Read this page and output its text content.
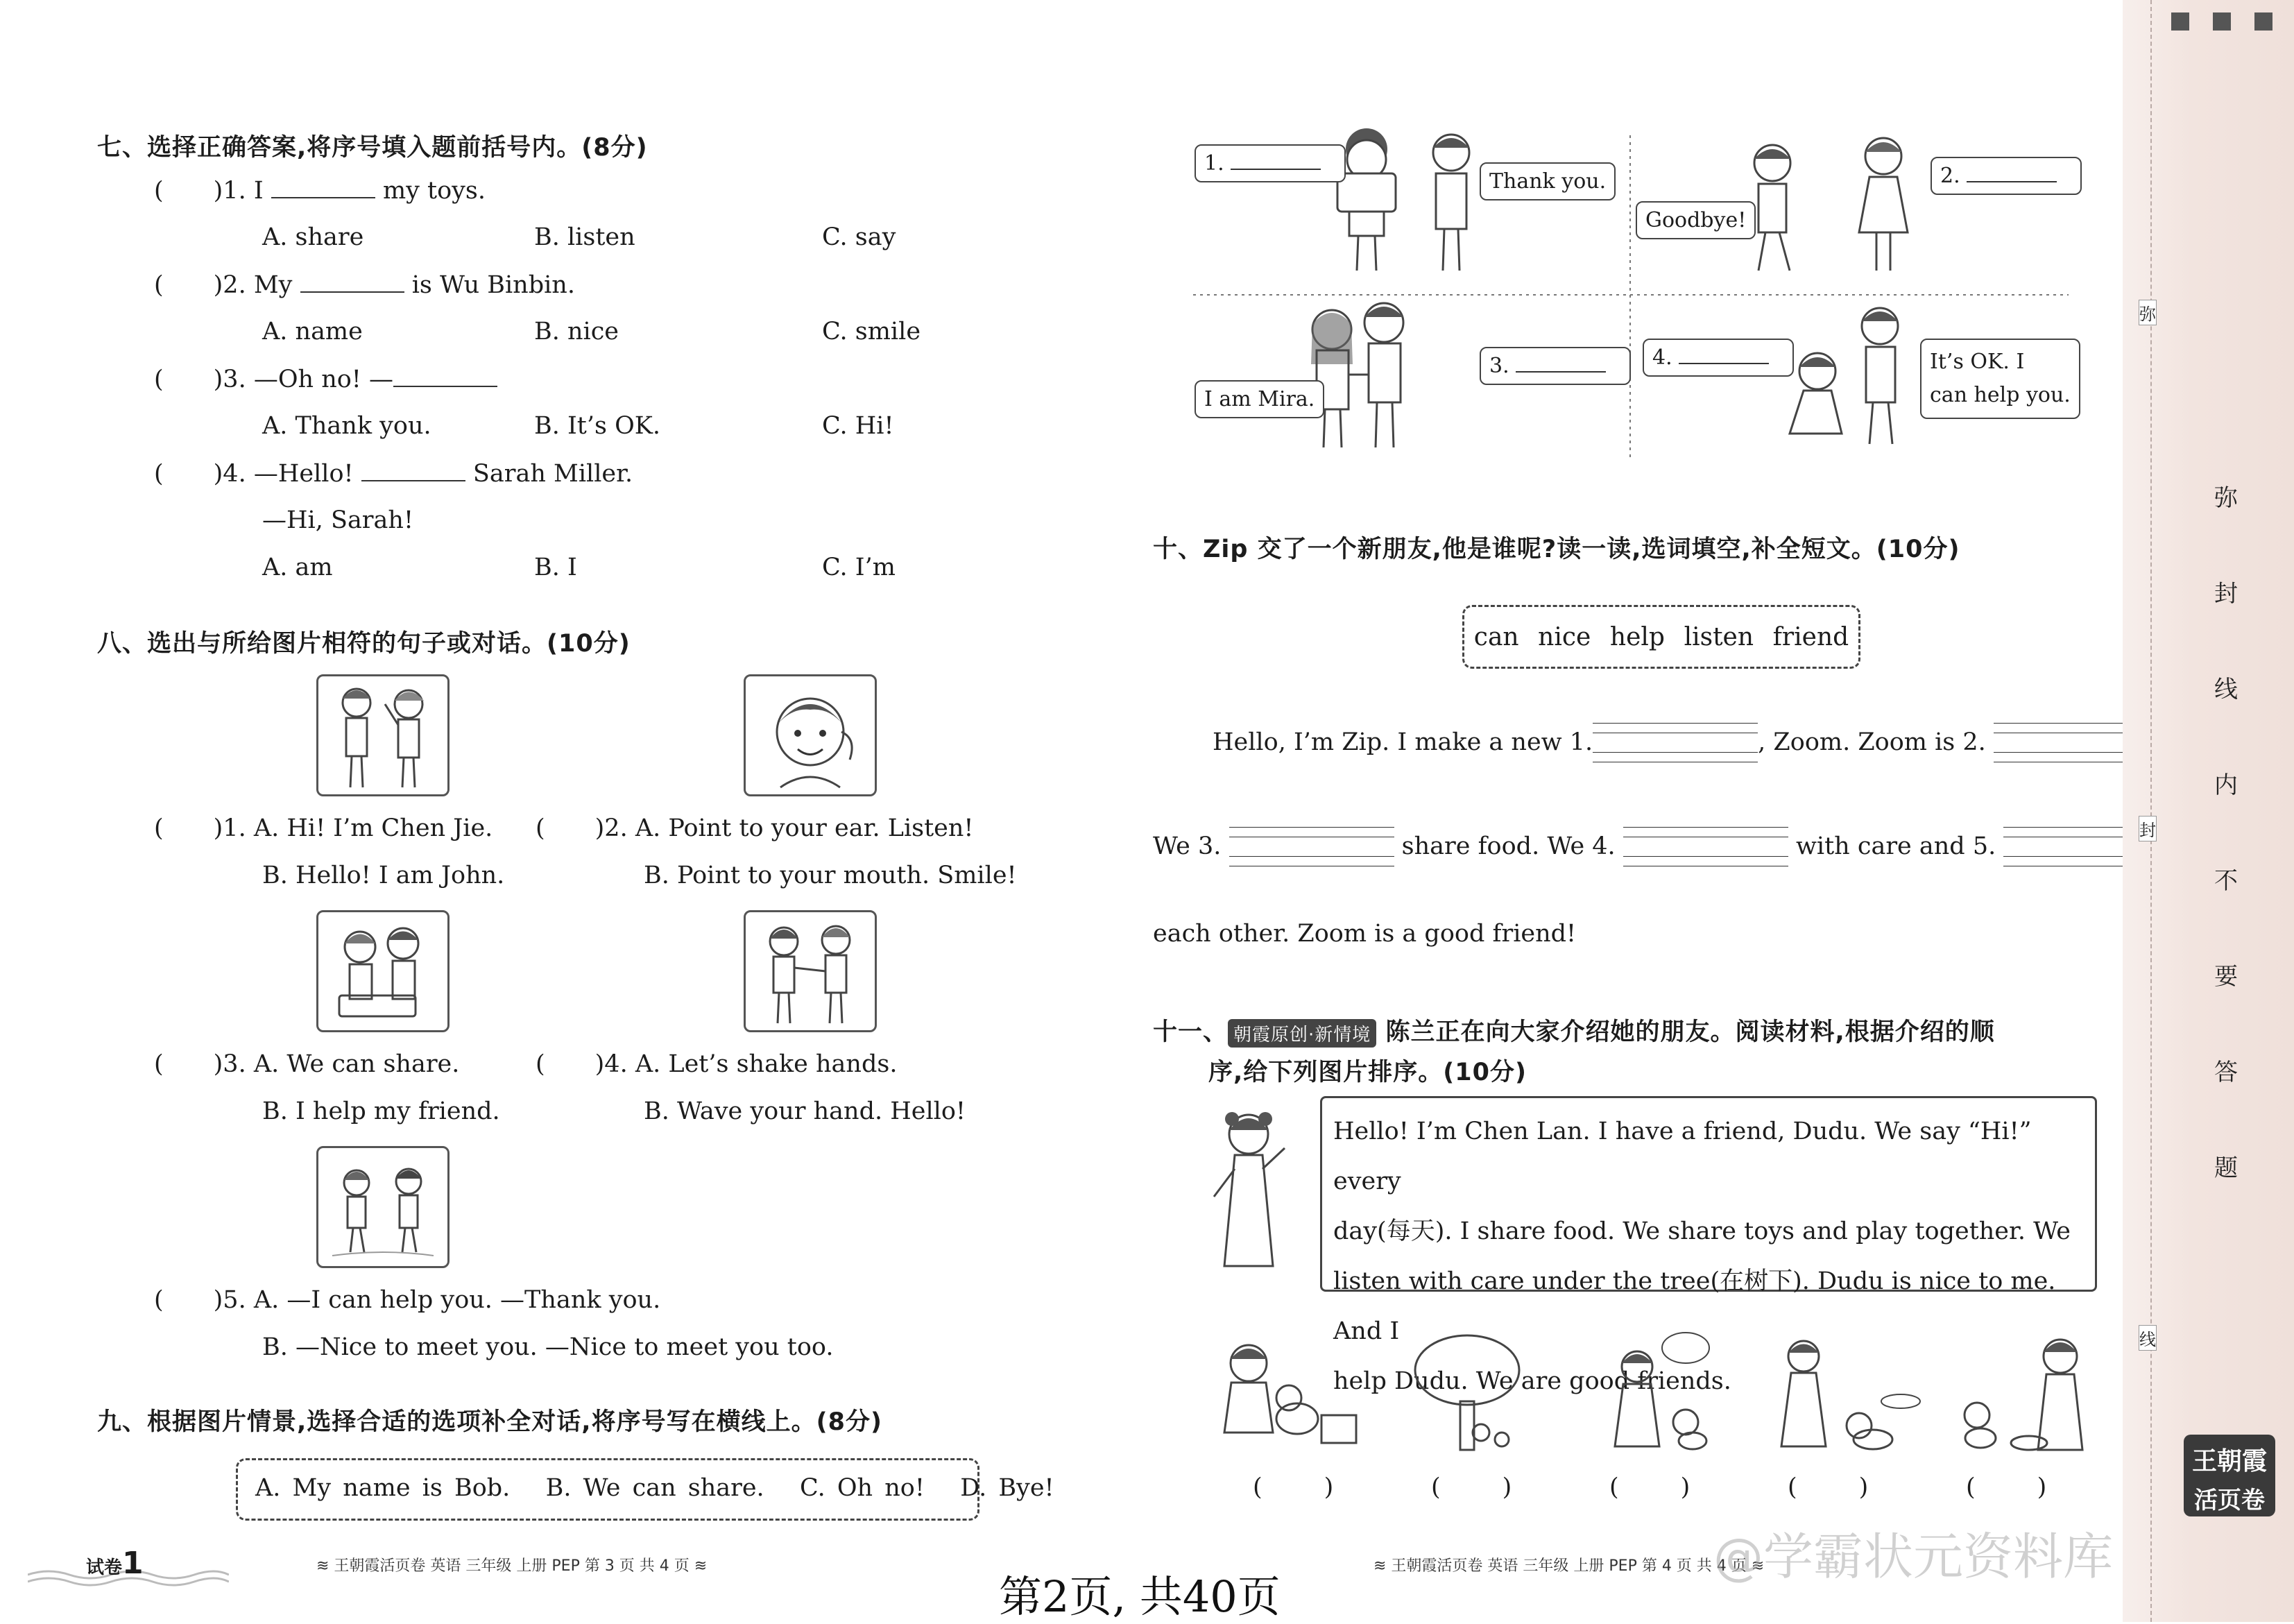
七、选择正确答案,将序号填入题前括号内。(8分)
( )1. I	my toys.
A. share	B. listen	C. say
( )2. My	is Wu Binbin.
A. name	B. nice	C. smile
( )3. —Oh no! —
A. Thank you.	B. It’s OK.	C. Hi!
( )4. —Hello!	Sarah Miller.
—Hi, Sarah!
A. am	B. I	C. I’m
八、选出与所给图片相符的句子或对话。(10分)
( )1. A. Hi! I’m Chen Jie.
B. Hello! I am John.
( )2. A. Point to your ear. Listen!
B. Point to your mouth. Smile!
( )3. A. We can share.
B. I help my friend.
( )4. A. Let’s shake hands.
B. Wave your hand. Hello!
( )5. A. —I can help you. —Thank you.
B. —Nice to meet you. —Nice to meet you too.
九、根据图片情景,选择合适的选项补全对话,将序号写在横线上。(8分)
A. My name is Bob.   B. We can share.   C. Oh no!   D. Bye!
试卷1	≋ 王朝霞活页卷 英语 三年级 上册 PEP 第 3 页 共 4 页 ≋
1.
Thank you.
Goodbye!
2.
I am Mira.
3.	4.	It’s OK. I
can help you.
十、Zip 交了一个新朋友,他是谁呢?读一读,选词填空,补全短文。(10分)
can nice help listen friend
Hello, I’m Zip. I make a new 1.	, Zoom. Zoom is 2.
We 3.	share food. We 4.	with care and 5.
each other. Zoom is a good friend!
十一、 朝霞原创·新情境 陈兰正在向大家介绍她的朋友。阅读材料,根据介绍的顺
序,给下列图片排序。(10分)
Hello! I’m Chen Lan. I have a friend, Dudu. We say “Hi!” every
day(每天). I share food. We share toys and play together. We
listen with care under the tree(在树下). Dudu is nice to me. And I
help Dudu. We are good friends.
(        )	(        )	(        )	(        )	(        )
≋ 王朝霞活页卷 英语 三年级 上册 PEP 第 4 页 共 4 页 ≋
@学霸状元资料库
第2页, 共40页
弥
封
线
弥
封
线
内
不
要
答
题
王朝霞
活页卷
